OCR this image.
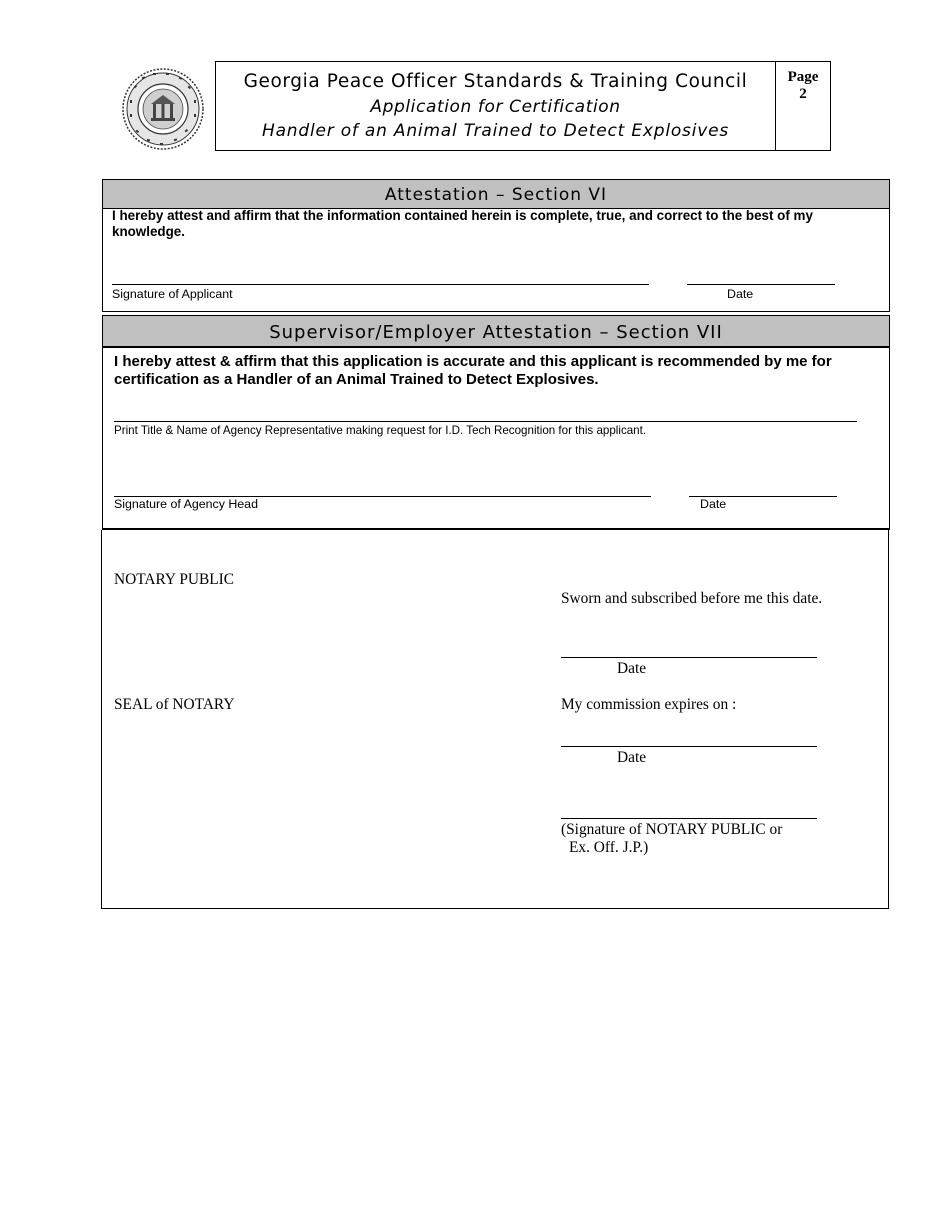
Georgia Peace Officer Standards & Training Council
Application for Certification
Handler of an Animal Trained to Detect Explosives
Page
2
Attestation – Section VI
I hereby attest and affirm that the information contained herein is complete, true, and correct to the best of my knowledge.
Signature of Applicant	Date
Supervisor/Employer Attestation – Section VII
I hereby attest & affirm that this application is accurate and this applicant is recommended by me for certification as a Handler of an Animal Trained to Detect Explosives.
Print Title & Name of Agency Representative making request for I.D. Tech Recognition for this applicant.
Signature of Agency Head	Date
NOTARY PUBLIC
Sworn and subscribed before me this date.
Date
SEAL of NOTARY	My commission expires on :
Date
(Signature of NOTARY PUBLIC or
Ex. Off. J.P.)
